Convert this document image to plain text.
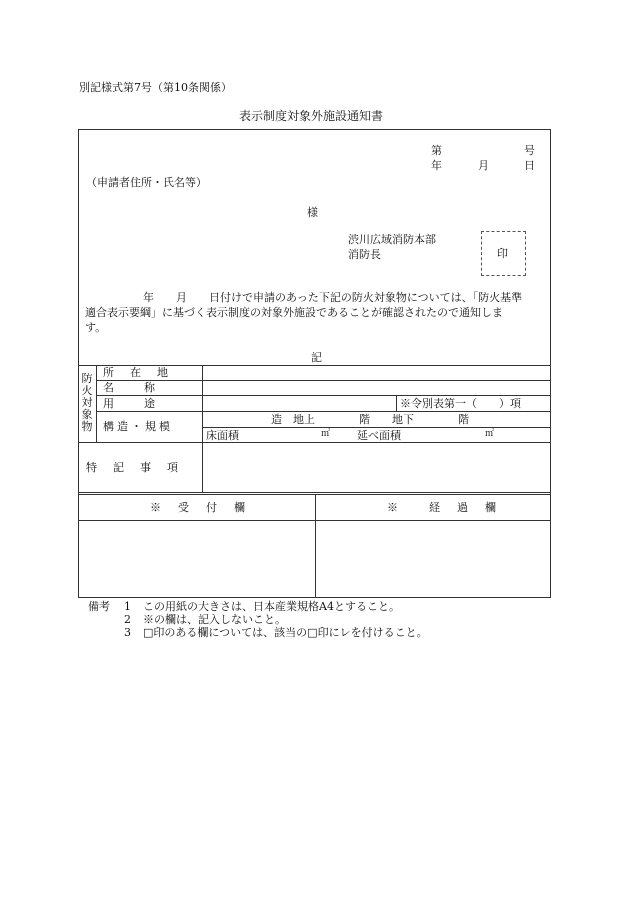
別記様式第7号（第10条関係）
表示制度対象外施設通知書
第	号
年	月	日
（申請者住所・氏名等）
様
渋川広域消防本部
消防長	印
年　　月　　日付けで申請のあった下記の防火対象物については、「防火基準
適合表示要綱」に基づく表示制度の対象外施設であることが確認されたので通知しま
す。
記
防火対象物
所在地
名称
用途	※令別表第一（　　）項
構造・規模
造　地上　　　　階　　地下　　　　階
床面積	㎡ 延べ面積	㎡
特記事項
※　受　付　欄	※　　経　過　欄
備考 1 この用紙の大きさは、日本産業規格A4とすること。
2 ※の欄は、記入しないこと。
3 □印のある欄については、該当の□印にレを付けること。
